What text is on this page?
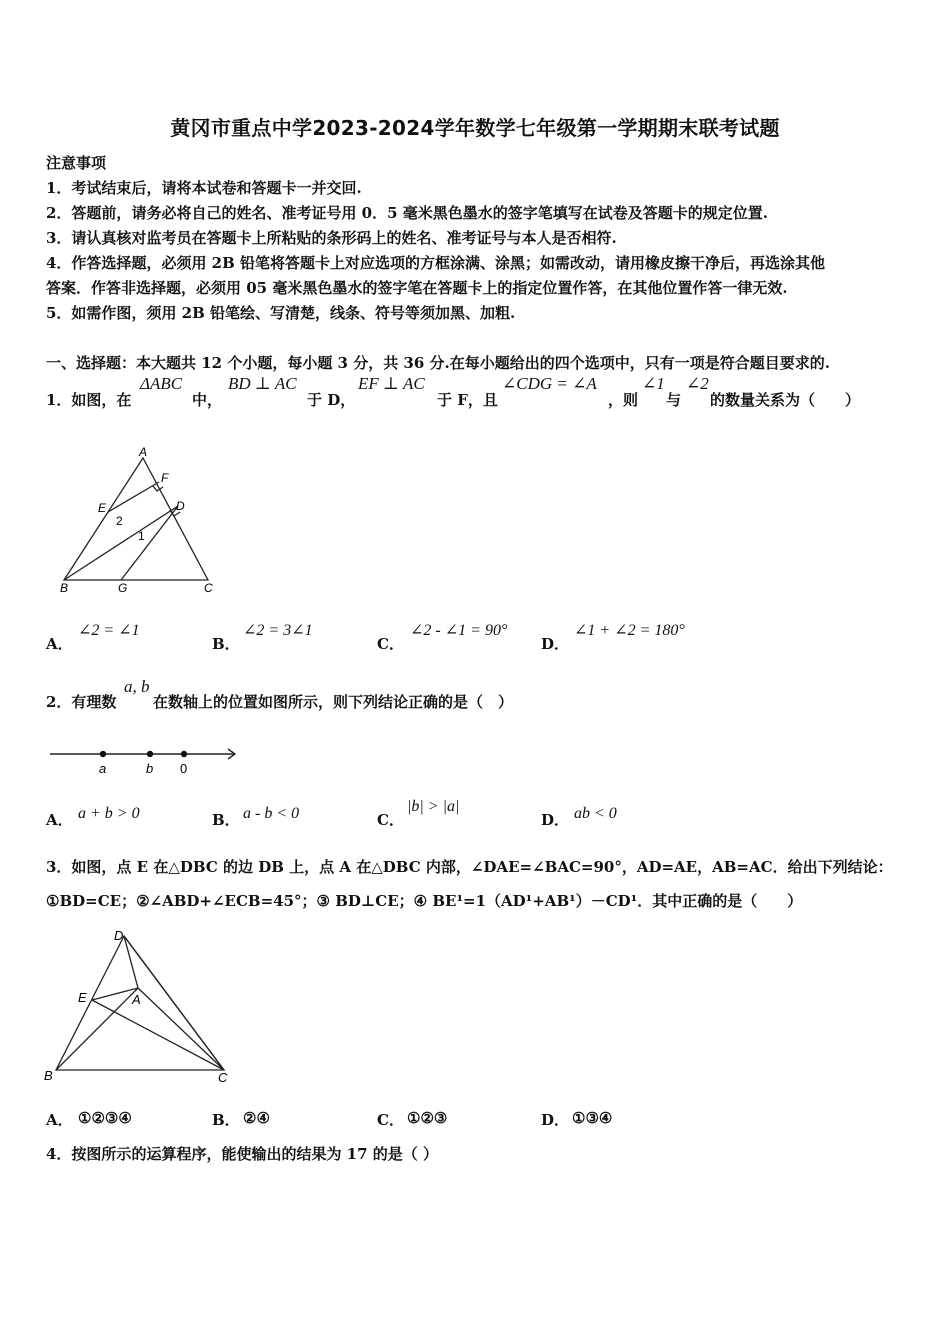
黄冈市重点中学2023-2024学年数学七年级第一学期期末联考试题
注意事项
1．考试结束后，请将本试卷和答题卡一并交回.
2．答题前，请务必将自己的姓名、准考证号用 0．5 毫米黑色墨水的签字笔填写在试卷及答题卡的规定位置.
3．请认真核对监考员在答题卡上所粘贴的条形码上的姓名、准考证号与本人是否相符.
4．作答选择题，必须用 2B 铅笔将答题卡上对应选项的方框涂满、涂黑；如需改动，请用橡皮擦干净后，再选涂其他
答案．作答非选择题，必须用 05 毫米黑色墨水的签字笔在答题卡上的指定位置作答，在其他位置作答一律无效.
5．如需作图，须用 2B 铅笔绘、写清楚，线条、符号等须加黑、加粗.
一、选择题：本大题共 12 个小题，每小题 3 分，共 36 分.在每小题给出的四个选项中，只有一项是符合题目要求的.
1．如图，在
ΔABC
中，
BD ⊥ AC
于 D，
EF ⊥ AC
于 F，且
∠CDG = ∠A
，则
∠1
与
∠2
的数量关系为（　　）
A
F
E	D
2
1
B	G	C
A．
∠2 = ∠1
B．
∠2 = 3∠1
C．
∠2 - ∠1 = 90°
D．
∠1 + ∠2 = 180°
2．有理数
a, b
在数轴上的位置如图所示，则下列结论正确的是（　）
a	b 0
A． a + b > 0	B． a - b < 0	C．
|b| > |a|
D． ab < 0
3．如图，点 E 在△DBC 的边 DB 上，点 A 在△DBC 内部，∠DAE=∠BAC=90°，AD=AE，AB=AC．给出下列结论：
①BD=CE；②∠ABD+∠ECB=45°；③ BD⊥CE；④ BE¹=1（AD¹+AB¹）－CD¹．其中正确的是（　　）
D
E	A
B	C
A． ①②③④	B． ②④	C． ①②③	D． ①③④
4．按图所示的运算程序，能使输出的结果为 17 的是（ ）
